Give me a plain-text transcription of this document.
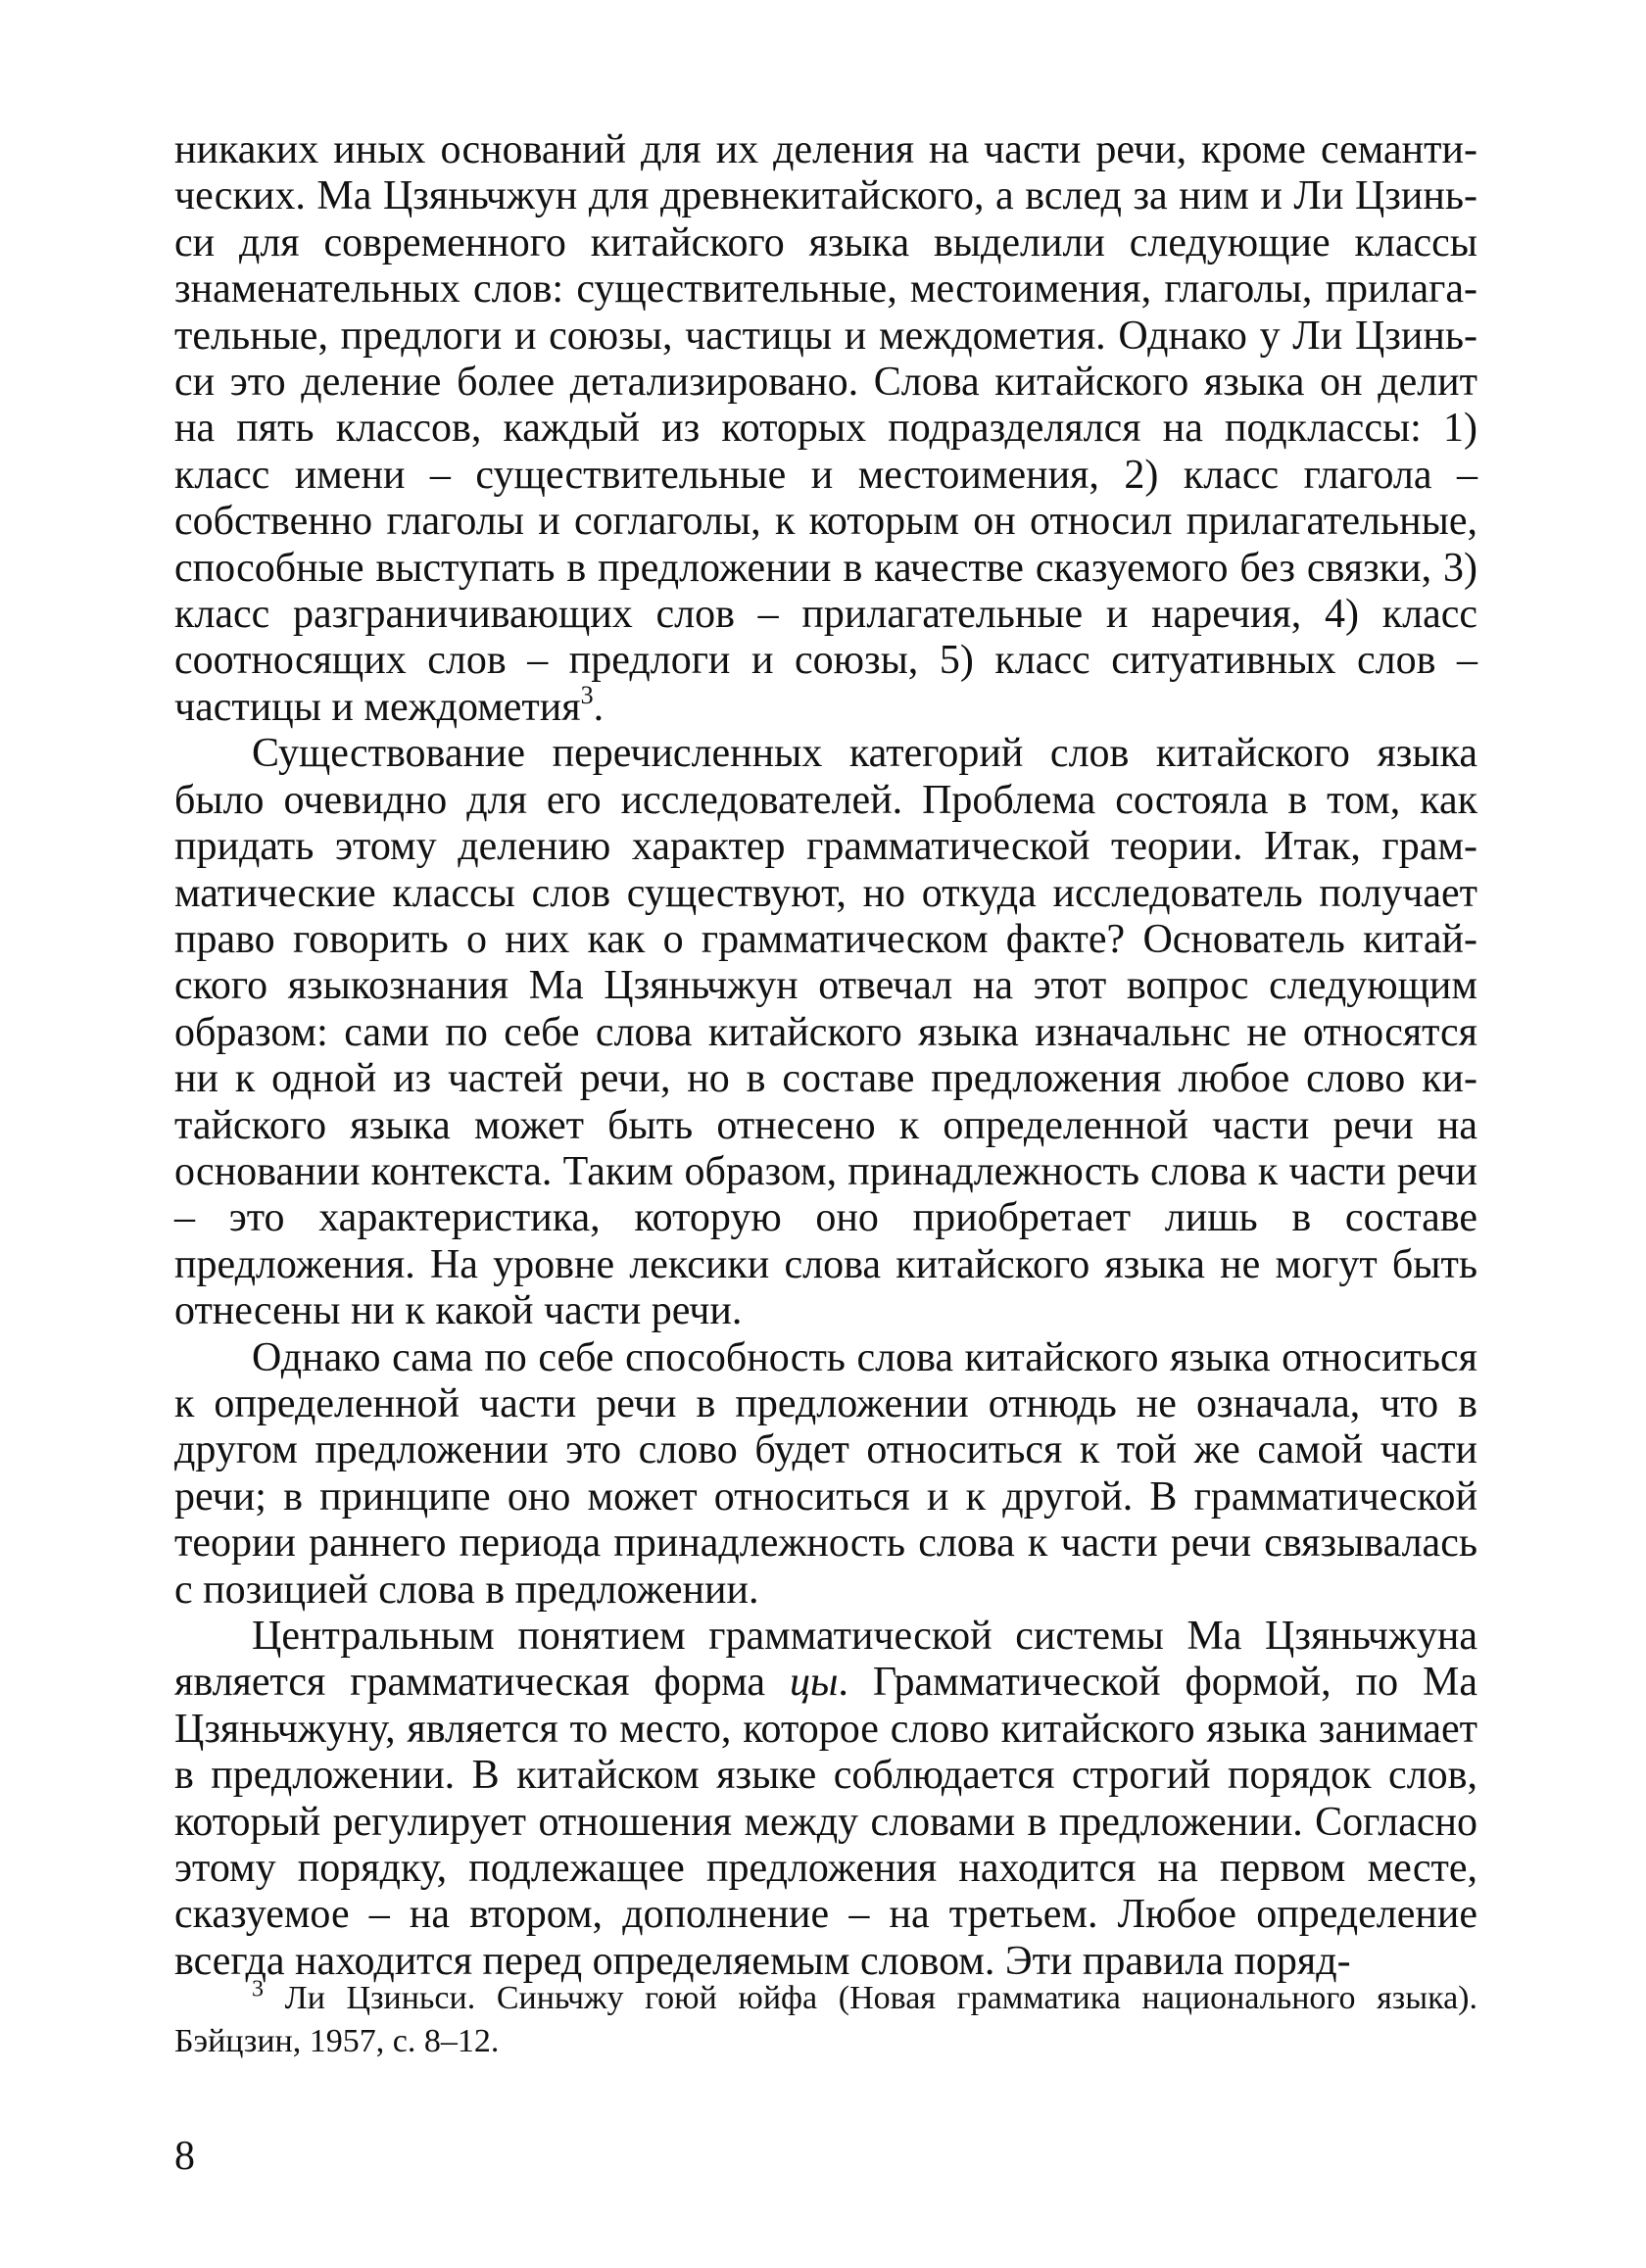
никаких иных оснований для их деления на части речи, кроме семантических. Ма Цзяньчжун для древнекитайского, а вслед за ним и Ли Цзиньси для современного китайского языка выделили следующие классы знаменательных слов: существительные, местоимения, глаголы, прилагательные, предлоги и союзы, частицы и междометия. Однако у Ли Цзиньси это деление более детализировано. Слова китайского языка он делит на пять классов, каждый из которых подразделялся на подклассы: 1) класс имени – существительные и местоимения, 2) класс глагола – собственно глаголы и соглаголы, к которым он относил прилагательные, способные выступать в предложении в качестве сказуемого без связки, 3) класс разграничивающих слов – прилагательные и наречия, 4) класс соотносящих слов – предлоги и союзы, 5) класс ситуативных слов – частицы и междометия$^3$.

Существование перечисленных категорий слов китайского языка было очевидно для его исследователей. Проблема состояла в том, как придать этому делению характер грамматической теории. Итак, грамматические классы слов существуют, но откуда исследователь получает право говорить о них как о грамматическом факте? Основатель китайского языкознания Ма Цзяньчжун отвечал на этот вопрос следующим образом: сами по себе слова китайского языка изначальнс не относятся ни к одной из частей речи, но в составе предложения любое слово китайского языка может быть отнесено к определенной части речи на основании контекста. Таким образом, принадлежность слова к части речи – это характеристика, которую оно приобретает лишь в составе предложения. На уровне лексики слова китайского языка не могут быть отнесены ни к какой части речи.

Однако сама по себе способность слова китайского языка относиться к определенной части речи в предложении отнюдь не означала, что в другом предложении это слово будет относиться к той же самой части речи; в принципе оно может относиться и к другой. В грамматической теории раннего периода принадлежность слова к части речи связывалась с позицией слова в предложении.

Центральным понятием грамматической системы Ма Цзяньчжуна является грамматическая форма цы. Грамматической формой, по Ма Цзяньчжуну, является то место, которое слово китайского языка занимает в предложении. В китайском языке соблюдается строгий порядок слов, который регулирует отношения между словами в предложении. Согласно этому порядку, подлежащее предложения находится на первом месте, сказуемое – на втором, дополнение – на третьем. Любое определение всегда находится перед определяемым словом. Эти правила поряд-

$^3$ Ли Цзиньси. Синьчжу гоюй юйфа (Новая грамматика национального языка). Бэйцзин, 1957, с. 8–12.

8
